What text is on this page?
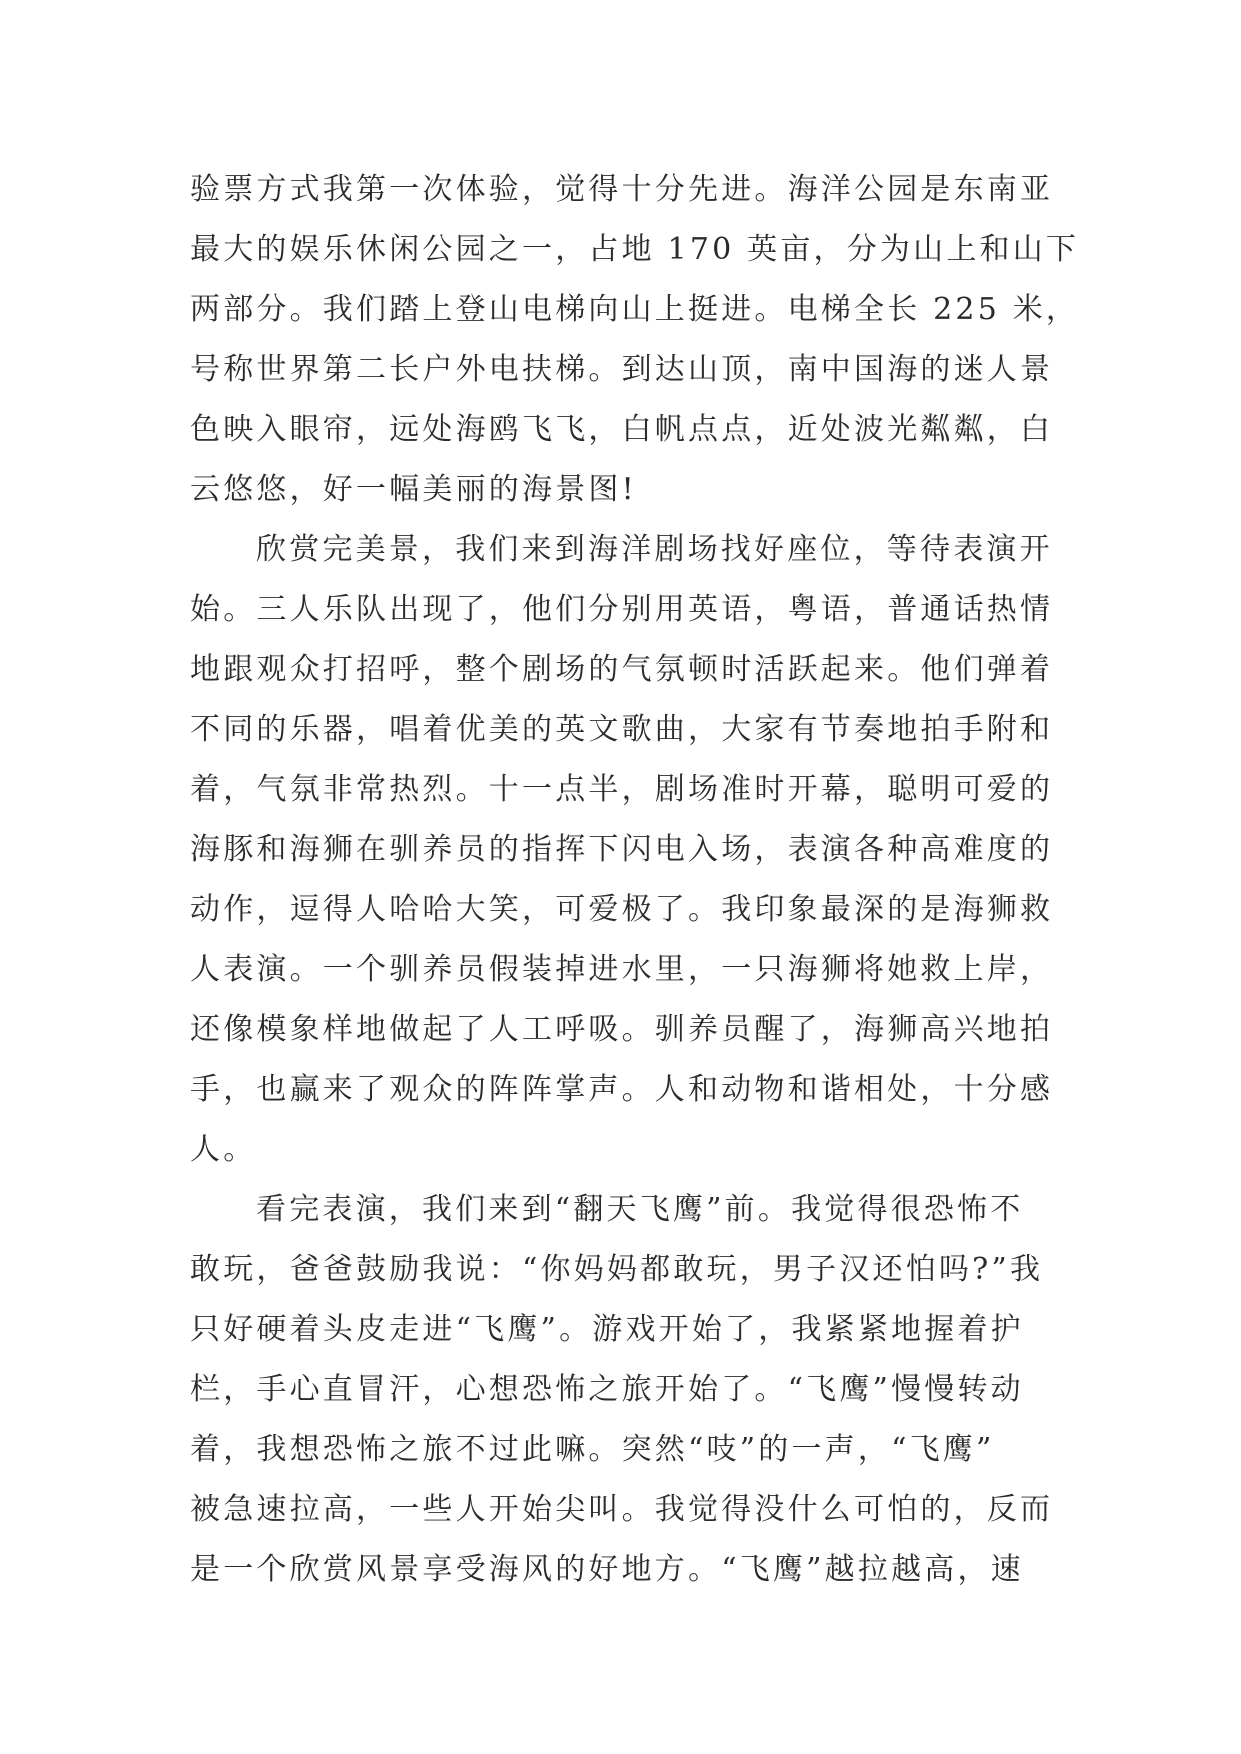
验票方式我第一次体验，觉得十分先进。海洋公园是东南亚
最大的娱乐休闲公园之一，占地 170 英亩，分为山上和山下
两部分。我们踏上登山电梯向山上挺进。电梯全长 225 米，
号称世界第二长户外电扶梯。到达山顶，南中国海的迷人景
色映入眼帘，远处海鸥飞飞，白帆点点，近处波光粼粼，白
云悠悠，好一幅美丽的海景图!
欣赏完美景，我们来到海洋剧场找好座位，等待表演开
始。三人乐队出现了，他们分别用英语，粤语，普通话热情
地跟观众打招呼，整个剧场的气氛顿时活跃起来。他们弹着
不同的乐器，唱着优美的英文歌曲，大家有节奏地拍手附和
着，气氛非常热烈。十一点半，剧场准时开幕，聪明可爱的
海豚和海狮在驯养员的指挥下闪电入场，表演各种高难度的
动作，逗得人哈哈大笑，可爱极了。我印象最深的是海狮救
人表演。一个驯养员假装掉进水里，一只海狮将她救上岸，
还像模象样地做起了人工呼吸。驯养员醒了，海狮高兴地拍
手，也赢来了观众的阵阵掌声。人和动物和谐相处，十分感
人。
看完表演，我们来到“翻天飞鹰”前。我觉得很恐怖不
敢玩，爸爸鼓励我说：“你妈妈都敢玩，男子汉还怕吗?”我
只好硬着头皮走进“飞鹰”。游戏开始了，我紧紧地握着护
栏，手心直冒汗，心想恐怖之旅开始了。“飞鹰”慢慢转动
着，我想恐怖之旅不过此嘛。突然“吱”的一声，“飞鹰”
被急速拉高，一些人开始尖叫。我觉得没什么可怕的，反而
是一个欣赏风景享受海风的好地方。“飞鹰”越拉越高，速
